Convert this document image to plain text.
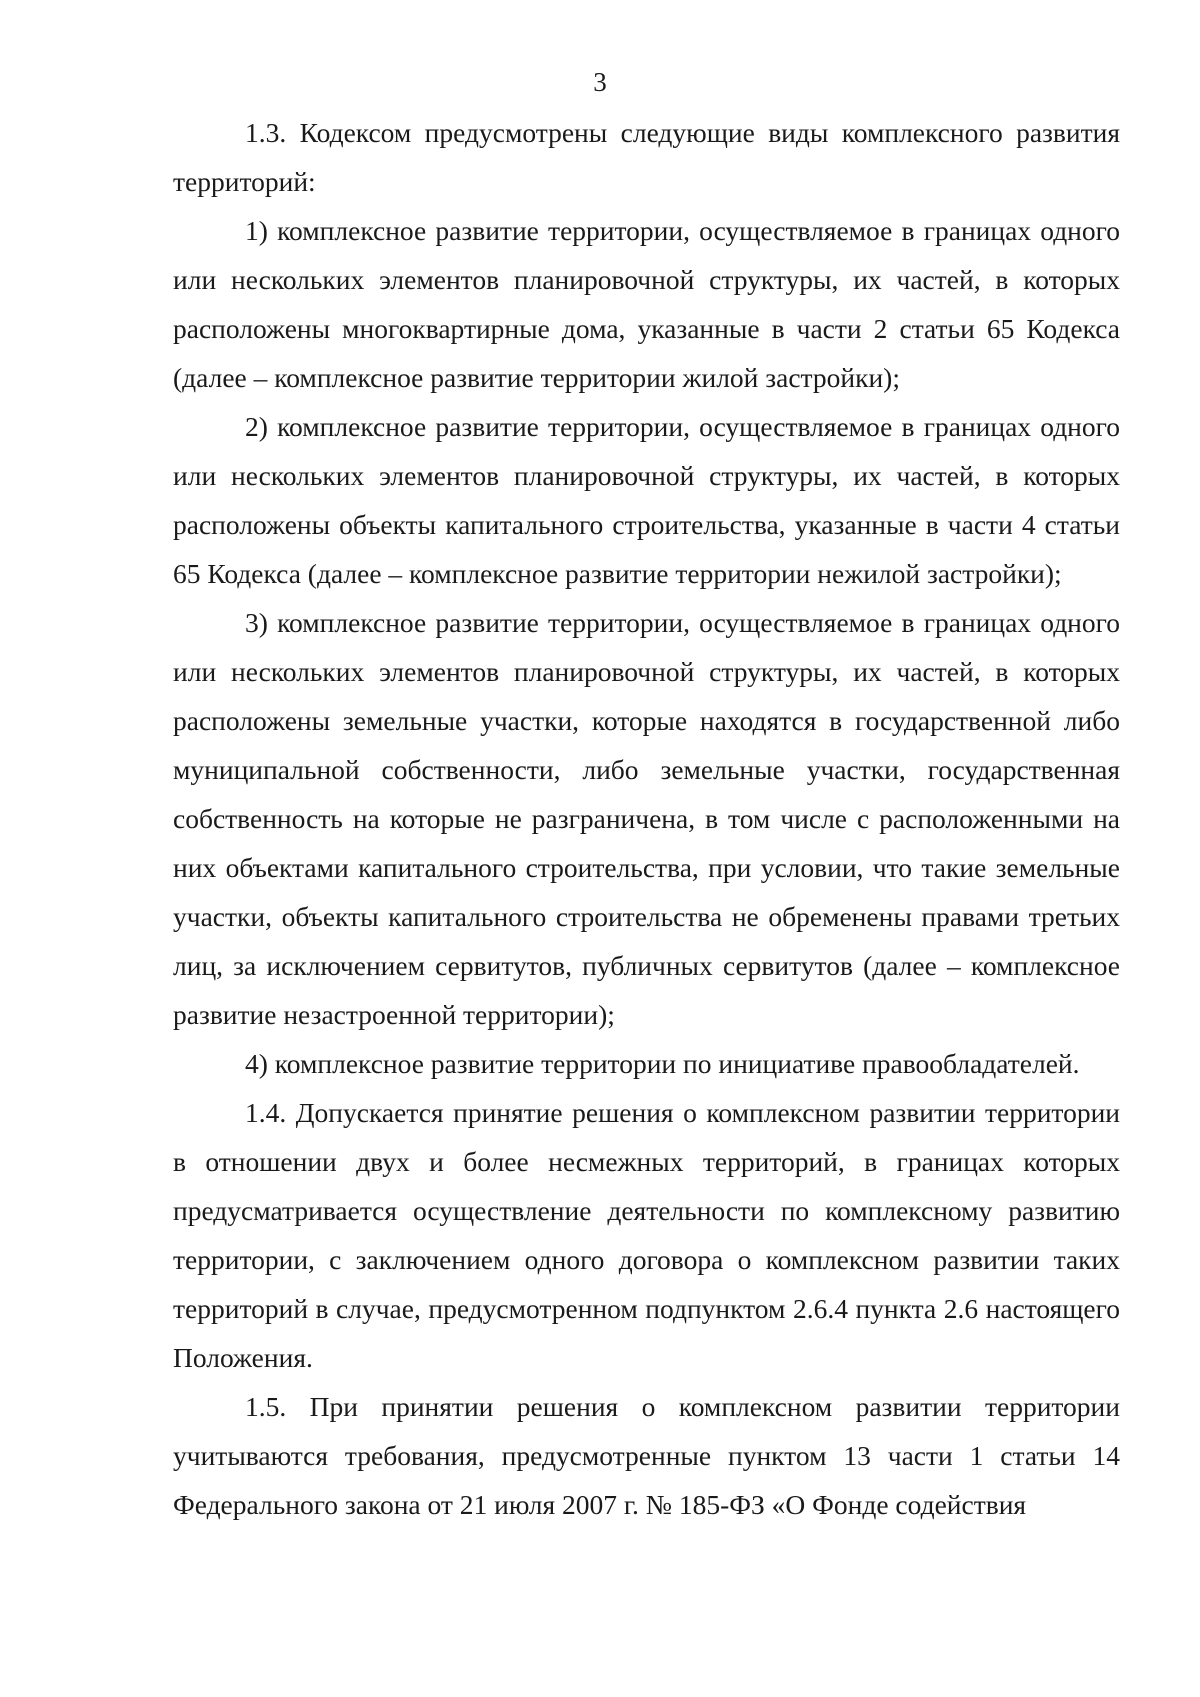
3

1.3. Кодексом предусмотрены следующие виды комплексного развития территорий:

1) комплексное развитие территории, осуществляемое в границах одного или нескольких элементов планировочной структуры, их частей, в которых расположены многоквартирные дома, указанные в части 2 статьи 65 Кодекса (далее – комплексное развитие территории жилой застройки);

2) комплексное развитие территории, осуществляемое в границах одного или нескольких элементов планировочной структуры, их частей, в которых расположены объекты капитального строительства, указанные в части 4 статьи 65 Кодекса (далее – комплексное развитие территории нежилой застройки);

3) комплексное развитие территории, осуществляемое в границах одного или нескольких элементов планировочной структуры, их частей, в которых расположены земельные участки, которые находятся в государственной либо муниципальной собственности, либо земельные участки, государственная собственность на которые не разграничена, в том числе с расположенными на них объектами капитального строительства, при условии, что такие земельные участки, объекты капитального строительства не обременены правами третьих лиц, за исключением сервитутов, публичных сервитутов (далее – комплексное развитие незастроенной территории);

4) комплексное развитие территории по инициативе правообладателей.

1.4. Допускается принятие решения о комплексном развитии территории в отношении двух и более несмежных территорий, в границах которых предусматривается осуществление деятельности по комплексному развитию территории, с заключением одного договора о комплексном развитии таких территорий в случае, предусмотренном подпунктом 2.6.4 пункта 2.6 настоящего Положения.

1.5. При принятии решения о комплексном развитии территории учитываются требования, предусмотренные пунктом 13 части 1 статьи 14 Федерального закона от 21 июля 2007 г. № 185-ФЗ «О Фонде содействия
